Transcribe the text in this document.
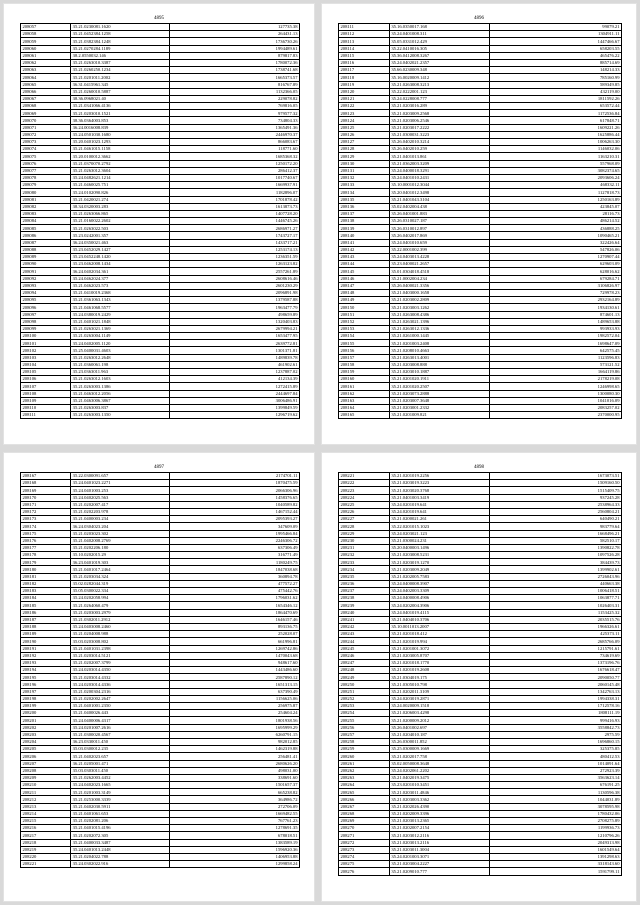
4895
208057	35.21.0230081.1620	127735.38
208058	35.21.0452384.1258	264431.13
208059	35.21.0382384.1248	1736730.26
208060	35.21.0270284.1189	1994489.61
208061	38.2.0550032.146	879817.83
208062	35.21.0263010.3387	1780072.36
208063	35.21.0260250.1234	1738741.68
208064	35.21.0201011.2002	1665373.57
208065	36.31.0415961.345	816767.89
208066	35.21.0260010.5887	1132366.05
208067	38.36.0968021.40	229078.82
208068	35.21.0341066.4136	769816.05
208069	35.21.0203010.1521	979577.32
208070	38.36.0364003.853	734804.33
208071	36.24.0016008.839	1365491.36
208072	35.24.0501030.1680	2446970.37
208073	35.20.0401023.1293	866083.67
208074	35.21.0461015.1158	118771.60
208075	35.20.0100012.3662	1685368.32
208076	35.21.0370070.2792	1250172.20
208077	35.21.0263012.3604	286412.37
208078	35.24.0482621.1214	1017740.67
208079	35.21.0460025.751	1669937.91
208080	35.24.0102090.826	1182896.07
208081	35.21.0420021.274	1701878.42
208082	38.34.0320003.283	1613873.73
208083	35.21.0263066.865	1407728.20
208084	35.21.0160022.2602	1446745.26
208085	35.21.0263022.503	2686971.27
208086	35.23.0242001.357	1743727.17
208087	36.24.0350021.463	1433717.21
208088	35.23.0452029.1427	1253174.13
208089	35.23.0452248.1420	1236351.59
208090	35.23.0462008.1434	1263123.82
208091	36.24.0402034.361	2557261.89
208092	35.24.0462024.377	2608616.46
208093	35.21.0462023.573	2601230.29
208094	35.21.0410019.2368	2096891.98
208095	35.21.0361063.1343	1379587.88
208096	35.21.0461068.5577	1963477.79
208097	35.24.0380019.2429	498659.89
208098	35.21.0401021.1848	1320403.83
208099	35.21.0263021.1369	2679994.21
208100	35.21.0263004.1149	1653477.95
208101	35.24.0402005.1120	2639772.81
208102	35.25.0400031.4603	1301371.81
208103	35.21.0263012.2648	1489839.78
208104	35.21.0360061.198	461902.61
208105	35.23.0363011.963	1237887.02
208106	35.21.0263012.1603	412134.39
208107	35.21.0263003.1386	1272415.89
208108	35.21.0463012.2056	2444697.84
208109	35.21.0463006.3867	3006486.91
208110	35.21.0263003.837	1399849.59
208111	35.21.0263003.1350	1296719.62
4896
208111	35.16.0350017.168	99079.21
208112	35.24.0401008.311	1304911.11
208113	35.05.0331012.429	1447466.67
208114	35.22.0410016.305	658203.55
208115	35.36.0412008.3267	465476.22
208116	35.24.0402021.2357	885714.69
208117	35.66.0230009.348	148214.33
208118	35.16.0020009.1412	785160.99
208119	35.21.0263008.3213	589349.85
208120	35.22.0222001.123	432119.00
208121	35.24.0228008.777	1811592.26
208122	35.21.0203016.289	653572.44
208123	35.21.0203009.2568	1172536.84
208124	35.21.0203006.2546	617848.71
208125	35.21.0203017.2222	1609221.26
208126	35.21.0300031.3223	1625886.44
208127	35.26.0402010.3214	1006263.30
208128	35.26.0402010.259	1146032.06
208129	35.21.0401013.861	1163210.31
208130	35.21.0362003.3209	557968.09
208131	35.24.0400018.3291	3082374.65
208132	35.24.0401010.2431	2093606.24
208133	35.10.0001012.3044	468332.11
208134	35.20.0401012.3498	1127818.73
208135	35.21.0401043.3104	1250163.89
208136	35.02.0402004.438	423845.07
208137	35.26.0401001.883	28116.73
208138	35.26.0310027.187	486214.52
208139	35.26.0310012.897	436888.25
208140	35.26.0402017.869	1090465.21
208141	35.24.0401010.659	322426.64
208142	35.22.0001002.399	547826.06
208143	35.24.0403013.4228	1270907.44
208144	35.23.0400021.2657	629603.09
208145	35.01.0304018.4518	628016.62
208146	35.21.0002004.234	679284.71
208147	35.26.0400021.3356	3106826.97
208148	35.21.0403000.1658	729978.23
208149	35.21.0203002.2809	2932164.89
208150	35.21.0203003.1262	1934130.61
208151	35.21.0263008.4386	874601.13
208152	35.21.0263021.1396	1489653.88
208153	35.21.0263012.1336	993933.93
208154	35.21.0261000.1445	1982572.04
208155	35.21.0201003.2408	1698647.09
208156	35.21.0208010.4663	642575.45
208157	35.21.0263013.4001	1123596.83
208158	35.21.0203008.888	573121.52
208159	35.21.0203010.1887	1664119.86
208160	35.21.0201020.1911	2178219.08
208161	35.21.0201020.2507	1246998.65
208162	35.21.0203073.2888	1300080.30
208163	35.21.0203007.3648	1041016.09
208164	35.21.0203001.2332	2083257.02
208165	35.21.0201009.821	2370000.95
4897
208167	35.22.0300091.657	2174701.11
208168	35.24.0401023.2271	1870475.59
208169	35.24.0401003.253	2066306.96
208170	35.24.0402025.563	1458376.65
208171	35.21.0202007.417	1040589.82
208172	35.21.0202203.978	1467152.44
208173	35.21.0400003.234	2095393.27
208174	36.24.0304023.204	347609.09
208175	35.21.0203023.302	1995466.84
208176	35.21.0402008.2769	2246306.72
208177	35.21.0202206.180	637306.49
208178	35.10.0202015.29	316771.49
208179	36.23.0401019.303	1180249.75
208180	35.21.0401017.2464	1847038.68
208181	35.21.0203034.324	360894.78
208182	35.02.0282044.319	477572.27
208183	35.05.0300022.334	475442.76
208184	35.24.0202058.994	1796031.62
208185	35.21.0264060.479	1654346.12
208186	35.21.0203003.2979	1864470.69
208187	35.21.0302011.2912	1646157.46
208188	35.24.0403008.2460	893136.75
208189	35.21.0204008.988	252028.07
208190	35.03.0203008.802	661996.81
208191	35.21.0401031.2398	1269742.86
208192	35.21.0203014.5121	1470043.68
208193	35.21.0202007.3799	948617.60
208194	35.24.0203014.4350	1443486.60
208195	35.21.0203014.4332	2587890.12
208196	35.24.0203014.4336	1651313.15
208197	35.21.0200304.2316	637390.49
208198	35.21.0202002.2647	1156625.06
208199	35.21.0401001.2350	256975.87
208200	35.21.0400026.443	254604.24
208201	35.24.0400006.4317	1801938.56
208202	35.24.0201007.2616	1695999.29
208203	35.21.0300020.4567	6260791.15
208204	36.23.0330011.450	982012.85
208205	35.03.0300012.235	1462319.88
208206	35.21.0402023.657	256481.41
208207	36.21.0205001.471	2680626.20
208208	35.03.0303011.450	498031.00
208209	35.21.0262003.4452	338691.60
208210	35.24.0402023.1665	1501657.37
208211	35.21.0201003.3149	665238.82
208212	35.21.0253000.3339	364986.72
208213	35.21.0402030.5911	272706.09
208214	35.21.0401061.653	1669482.55
208215	35.21.0202081.206	767761.23
208216	35.21.0401015.4196	1278691.35
208217	35.21.0202072.305	678018.51
208218	35.21.0400033.3487	1383589.19
208219	35.24.0401013.2448	1596920.36
208220	35.21.0204022.788	1406953.88
208221	35.24.0302022.916	1299858.24
4898
208221	35.21.0201019.2256	1673073.51
208222	35.21.0203019.3223	1509160.50
208223	35.21.0203020.3768	1515409.75
208224	35.21.0401003.3419	937245.28
208225	35.24.0201019.641	2538964.33
208226	35.24.0201019.641	2560804.21
208227	35.21.0200021.261	640490.21
208228	35.22.0201015.1023	983779.64
208229	35.24.0203021.123	1668496.21
208230	35.21.0300024.231	582510.17
208231	35.20.0400003.1496	1390822.78
208232	35.21.0203008.5231	1097526.28
208233	35.21.0203019.1270	384439.73
208234	35.21.0203009.2049	1399902.61
208235	35.21.0202005.7583	2726043.96
208236	35.24.0400008.3907	440663.38
208237	35.24.0402003.3309	1006418.51
208238	35.24.0400008.4906	1063877.71
208239	35.24.0202004.3906	1026403.31
208240	35.24.0401019.4115	1153425.32
208241	35.21.0404010.3706	2035515.76
208242	35.10.0011013.2007	1966326.61
208243	35.21.0201018.412	425373.11
208244	35.21.0201019.994	2685766.09
208245	35.21.0201001.3072	1215791.61
208246	35.21.0203005.8707	734619.69
208247	35.21.0201018.1770	1373196.76
208248	35.21.0201019.2608	1676618.47
208249	35.21.0304019.175	2090050.77
208250	35.21.0305010.798	2060145.48
208251	35.21.0202011.3109	1342763.13
208252	35.24.0203019.2871	1994338.31
208253	35.24.0020009.1518	1712578.16
208254	35.21.0206003.4298	1808111.19
208255	35.21.0200009.2012	999416.93
208256	35.26.0401002.697	3558842.73
208257	35.21.0204010.187	2975.59
208258	35.26.0300011.852	1696860.15
208259	35.25.0300009.1669	325375.85
208260	35.21.0202017.758	480412.53
208261	35.02.0050008.3648	1014091.64
208262	35.24.0202061.2202	272923.39
208263	35.21.0402019.3475	3563623.14
208264	35.23.0201010.3451	676191.25
208265	35.21.0203011.4846	1130596.38
208266	35.21.0203003.3362	1044031.89
208267	35.21.0202026.4390	3078595.98
208268	35.21.0202009.3396	1780432.06
208269	35.21.0203013.2365	2708275.89
208270	35.21.0202007.2154	1199936.73
208271	35.21.0203012.2116	1210796.26
208272	35.21.0203013.2116	2049313.98
208273	35.21.0203011.3004	1601549.64
208274	35.24.0201003.3071	1391298.63
208275	35.21.0203004.2227	3318143.60
208276	35.21.0209010.777	1591799.11
